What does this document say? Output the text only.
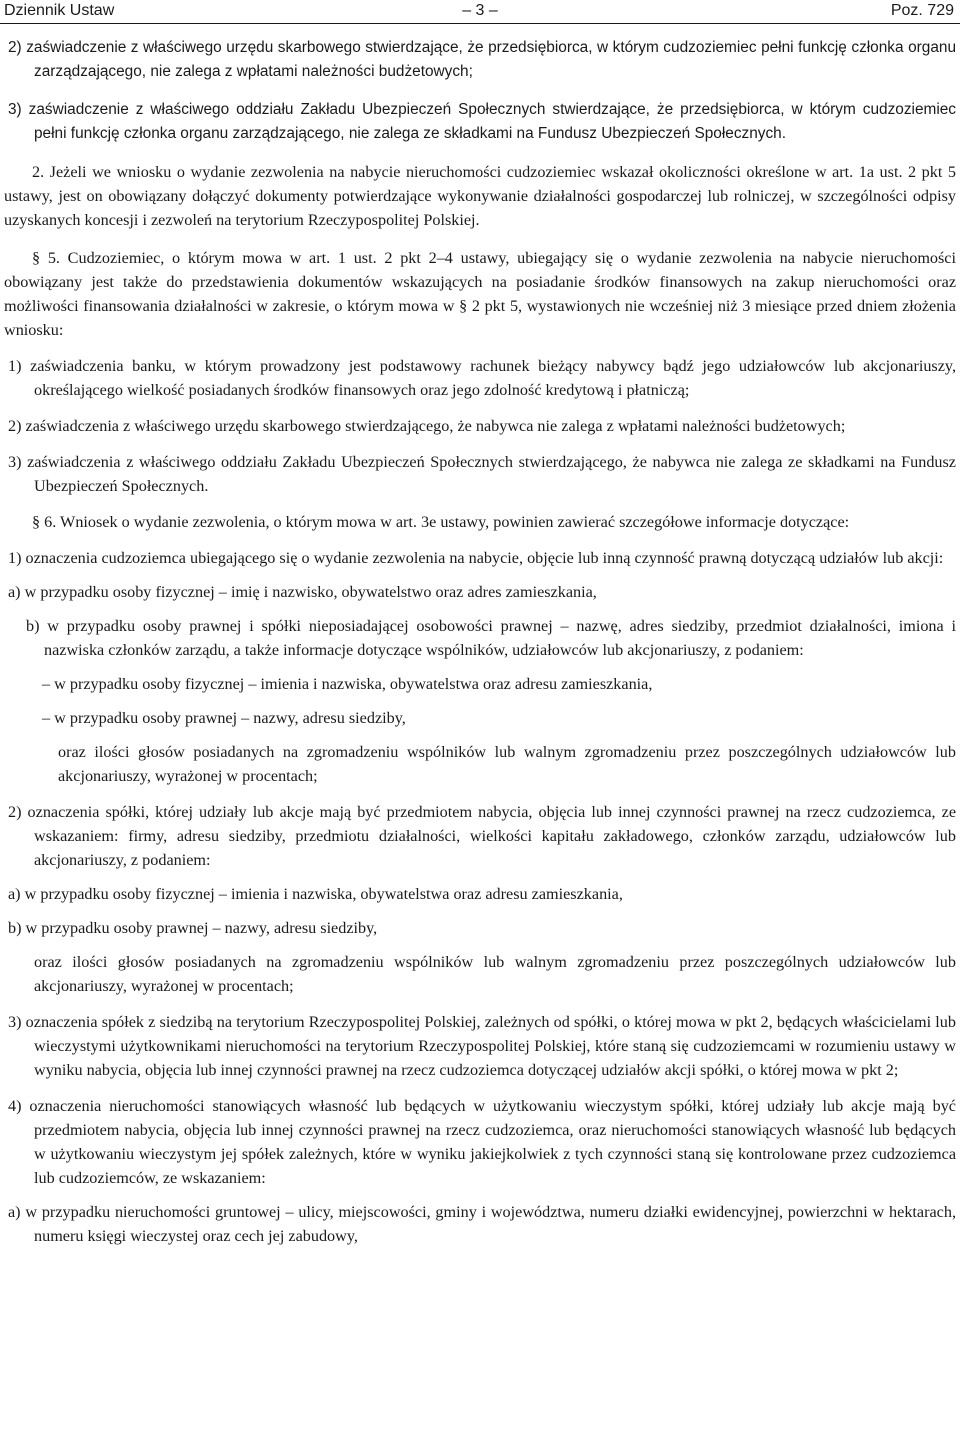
Dziennik Ustaw	– 3 –	Poz. 729

2) zaświadczenie z właściwego urzędu skarbowego stwierdzające, że przedsiębiorca, w którym cudzoziemiec pełni funkcję członka organu zarządzającego, nie zalega z wpłatami należności budżetowych;

3) zaświadczenie z właściwego oddziału Zakładu Ubezpieczeń Społecznych stwierdzające, że przedsiębiorca, w którym cudzoziemiec pełni funkcję członka organu zarządzającego, nie zalega ze składkami na Fundusz Ubezpieczeń Społecznych.

2. Jeżeli we wniosku o wydanie zezwolenia na nabycie nieruchomości cudzoziemiec wskazał okoliczności określone w art. 1a ust. 2 pkt 5 ustawy, jest on obowiązany dołączyć dokumenty potwierdzające wykonywanie działalności gospodarczej lub rolniczej, w szczególności odpisy uzyskanych koncesji i zezwoleń na terytorium Rzeczypospolitej Polskiej.

§ 5. Cudzoziemiec, o którym mowa w art. 1 ust. 2 pkt 2–4 ustawy, ubiegający się o wydanie zezwolenia na nabycie nieruchomości obowiązany jest także do przedstawienia dokumentów wskazujących na posiadanie środków finansowych na zakup nieruchomości oraz możliwości finansowania działalności w zakresie, o którym mowa w § 2 pkt 5, wystawionych nie wcześniej niż 3 miesiące przed dniem złożenia wniosku:

1) zaświadczenia banku, w którym prowadzony jest podstawowy rachunek bieżący nabywcy bądź jego udziałowców lub akcjonariuszy, określającego wielkość posiadanych środków finansowych oraz jego zdolność kredytową i płatniczą;

2) zaświadczenia z właściwego urzędu skarbowego stwierdzającego, że nabywca nie zalega z wpłatami należności budżetowych;

3) zaświadczenia z właściwego oddziału Zakładu Ubezpieczeń Społecznych stwierdzającego, że nabywca nie zalega ze składkami na Fundusz Ubezpieczeń Społecznych.

§ 6. Wniosek o wydanie zezwolenia, o którym mowa w art. 3e ustawy, powinien zawierać szczegółowe informacje dotyczące:

1) oznaczenia cudzoziemca ubiegającego się o wydanie zezwolenia na nabycie, objęcie lub inną czynność prawną dotyczącą udziałów lub akcji:

a) w przypadku osoby fizycznej – imię i nazwisko, obywatelstwo oraz adres zamieszkania,

b) w przypadku osoby prawnej i spółki nieposiadającej osobowości prawnej – nazwę, adres siedziby, przedmiot działalności, imiona i nazwiska członków zarządu, a także informacje dotyczące wspólników, udziałowców lub akcjonariuszy, z podaniem:

– w przypadku osoby fizycznej – imienia i nazwiska, obywatelstwa oraz adresu zamieszkania,

– w przypadku osoby prawnej – nazwy, adresu siedziby,

oraz ilości głosów posiadanych na zgromadzeniu wspólników lub walnym zgromadzeniu przez poszczególnych udziałowców lub akcjonariuszy, wyrażonej w procentach;

2) oznaczenia spółki, której udziały lub akcje mają być przedmiotem nabycia, objęcia lub innej czynności prawnej na rzecz cudzoziemca, ze wskazaniem: firmy, adresu siedziby, przedmiotu działalności, wielkości kapitału zakładowego, członków zarządu, udziałowców lub akcjonariuszy, z podaniem:

a) w przypadku osoby fizycznej – imienia i nazwiska, obywatelstwa oraz adresu zamieszkania,

b) w przypadku osoby prawnej – nazwy, adresu siedziby,

oraz ilości głosów posiadanych na zgromadzeniu wspólników lub walnym zgromadzeniu przez poszczególnych udziałowców lub akcjonariuszy, wyrażonej w procentach;

3) oznaczenia spółek z siedzibą na terytorium Rzeczypospolitej Polskiej, zależnych od spółki, o której mowa w pkt 2, będących właścicielami lub wieczystymi użytkownikami nieruchomości na terytorium Rzeczypospolitej Polskiej, które staną się cudzoziemcami w rozumieniu ustawy w wyniku nabycia, objęcia lub innej czynności prawnej na rzecz cudzoziemca dotyczącej udziałów akcji spółki, o której mowa w pkt 2;

4) oznaczenia nieruchomości stanowiących własność lub będących w użytkowaniu wieczystym spółki, której udziały lub akcje mają być przedmiotem nabycia, objęcia lub innej czynności prawnej na rzecz cudzoziemca, oraz nieruchomości stanowiących własność lub będących w użytkowaniu wieczystym jej spółek zależnych, które w wyniku jakiejkolwiek z tych czynności staną się kontrolowane przez cudzoziemca lub cudzoziemców, ze wskazaniem:

a) w przypadku nieruchomości gruntowej – ulicy, miejscowości, gminy i województwa, numeru działki ewidencyjnej, powierzchni w hektarach, numeru księgi wieczystej oraz cech jej zabudowy,
